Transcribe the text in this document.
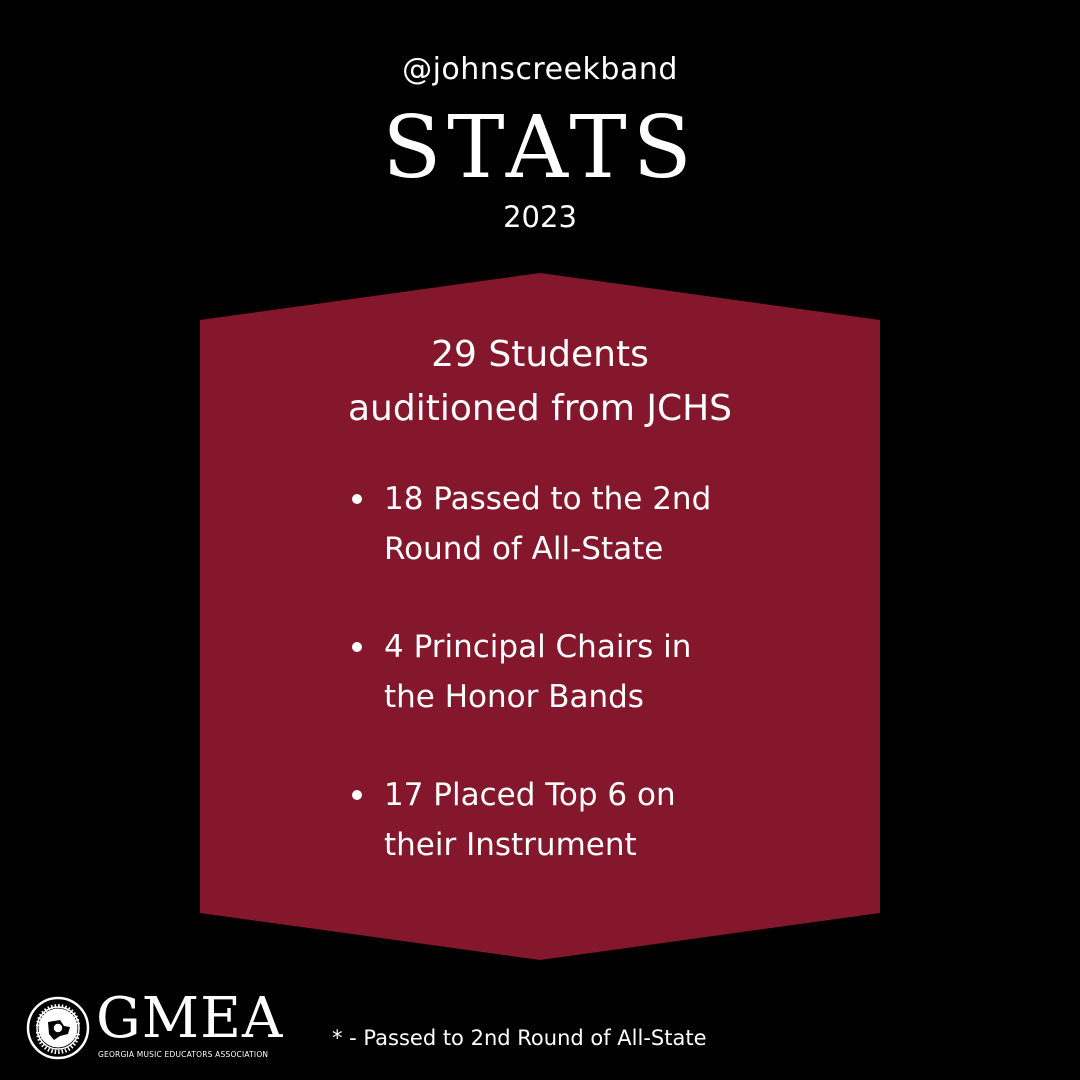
@johnscreekband
STATS
2023
29 Students
auditioned from JCHS
18 Passed to the 2nd
Round of All-State
4 Principal Chairs in
the Honor Bands
17 Placed Top 6 on
their Instrument
GMEA
GEORGIA MUSIC EDUCATORS ASSOCIATION
* - Passed to 2nd Round of All-State
